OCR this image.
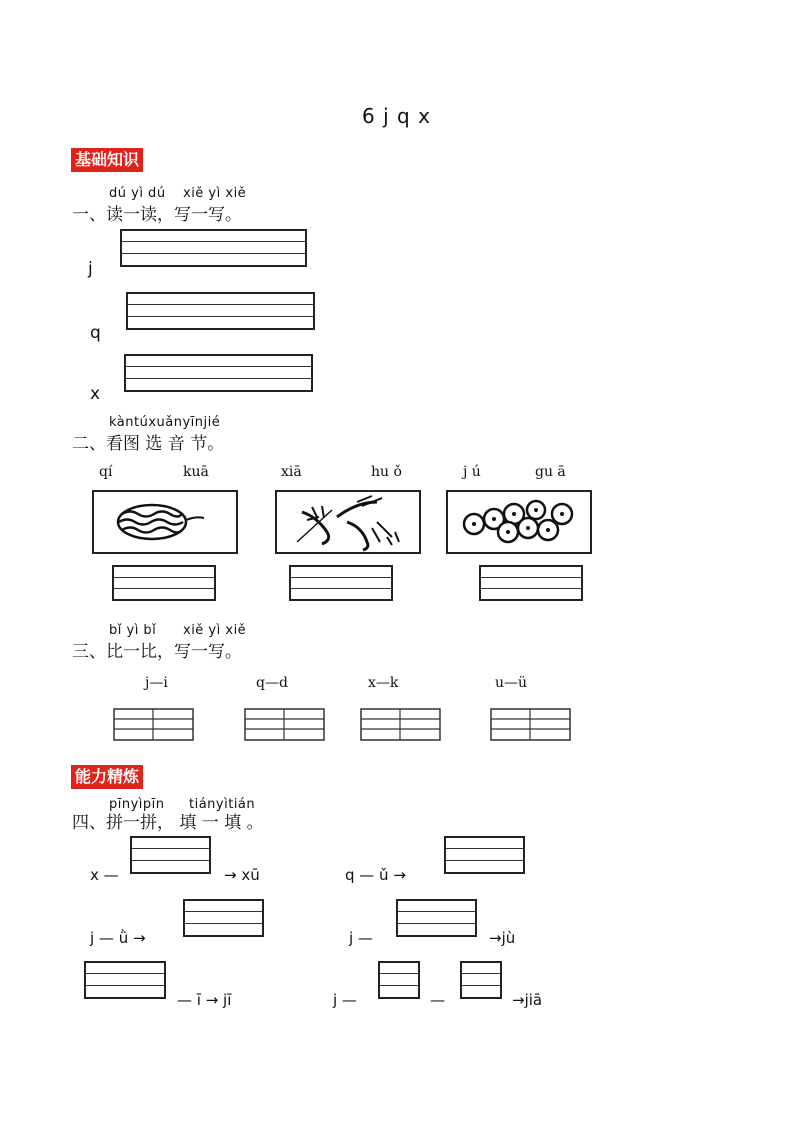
6 j q x
基础知识
dú yì dú xiě yì xiě
一、读一读，写一写。
j
q
x
kàntúxuǎnyīnjié
二、看图 选 音 节。
qí	kuā	xiā	hu ǒ	j ú	gu ā
bǐ yì bǐ xiě yì xiě
三、比一比，写一写。
j—i	q—d	x—k	u—ü
能力精炼
pīnyìpīn tiányìtián
四、拼一拼， 填 一 填 。
x —	→ xū	q — ǔ →
j — ǜ →	j —	→jù
— ī → jī	j —	—	→jiā
